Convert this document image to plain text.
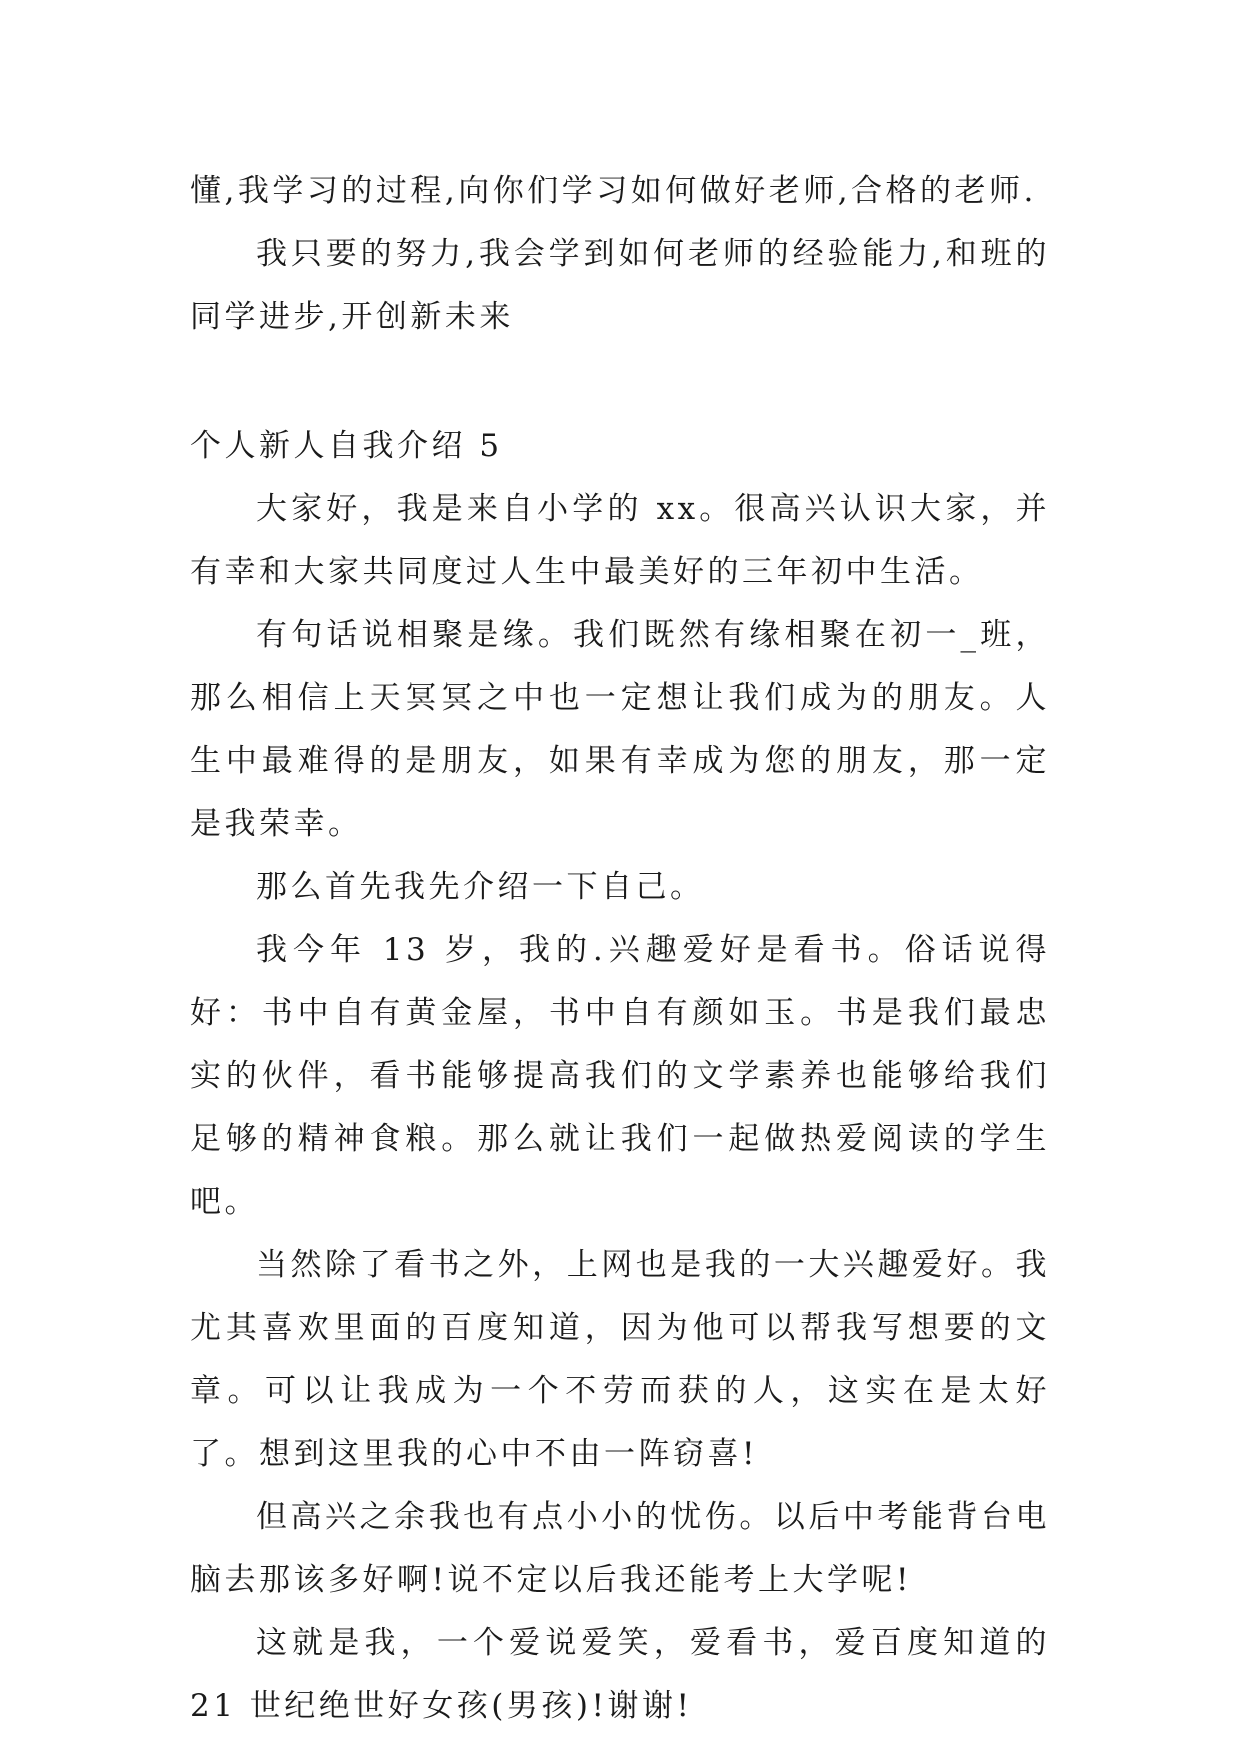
懂,我学习的过程,向你们学习如何做好老师,合格的老师.

我只要的努力,我会学到如何老师的经验能力,和班的同学进步,开创新未来

个人新人自我介绍 5

大家好，我是来自小学的 xx。很高兴认识大家，并有幸和大家共同度过人生中最美好的三年初中生活。

有句话说相聚是缘。我们既然有缘相聚在初一_班，那么相信上天冥冥之中也一定想让我们成为的朋友。人生中最难得的是朋友，如果有幸成为您的朋友，那一定是我荣幸。

那么首先我先介绍一下自己。

我今年 13 岁，我的.兴趣爱好是看书。俗话说得好：书中自有黄金屋，书中自有颜如玉。书是我们最忠实的伙伴，看书能够提高我们的文学素养也能够给我们足够的精神食粮。那么就让我们一起做热爱阅读的学生吧。

当然除了看书之外，上网也是我的一大兴趣爱好。我尤其喜欢里面的百度知道，因为他可以帮我写想要的文章。可以让我成为一个不劳而获的人，这实在是太好了。想到这里我的心中不由一阵窃喜!

但高兴之余我也有点小小的忧伤。以后中考能背台电脑去那该多好啊!说不定以后我还能考上大学呢!

这就是我，一个爱说爱笑，爱看书，爱百度知道的 21 世纪绝世好女孩(男孩)!谢谢!
